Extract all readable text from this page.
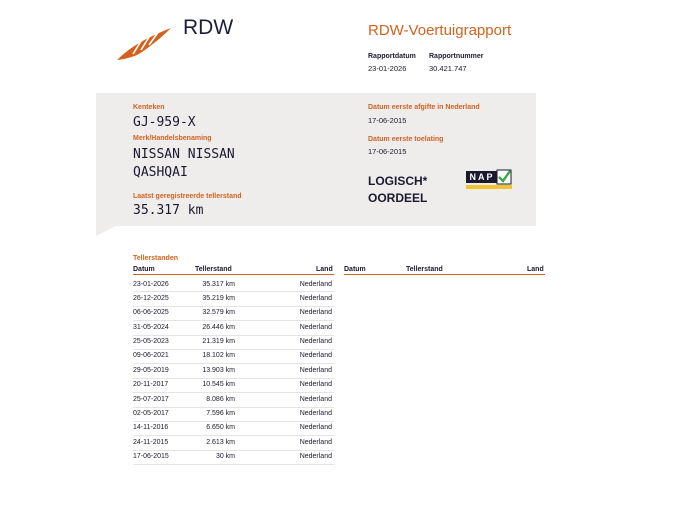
RDW	RDW-Voertuigrapport
Rapportdatum
23-01-2026
Rapportnummer
30.421.747
Kenteken
GJ-959-X
Merk/Handelsbenaming
NISSAN NISSAN
QASHQAI
Laatst geregistreerde tellerstand
35.317 km
Datum eerste afgifte in Nederland
17-06-2015
Datum eerste toelating
17-06-2015
LOGISCH*
OORDEEL
NAP
Tellerstanden
Datum	Tellerstand	Land Datum	Tellerstand	Land
23-01-2026	35.317 km	Nederland
26-12-2025	35.219 km	Nederland
06-06-2025	32.579 km	Nederland
31-05-2024	26.446 km	Nederland
25-05-2023	21.319 km	Nederland
09-06-2021	18.102 km	Nederland
29-05-2019	13.903 km	Nederland
20-11-2017	10.545 km	Nederland
25-07-2017	8.086 km	Nederland
02-05-2017	7.596 km	Nederland
14-11-2016	6.650 km	Nederland
24-11-2015	2.613 km	Nederland
17-06-2015	30 km	Nederland
